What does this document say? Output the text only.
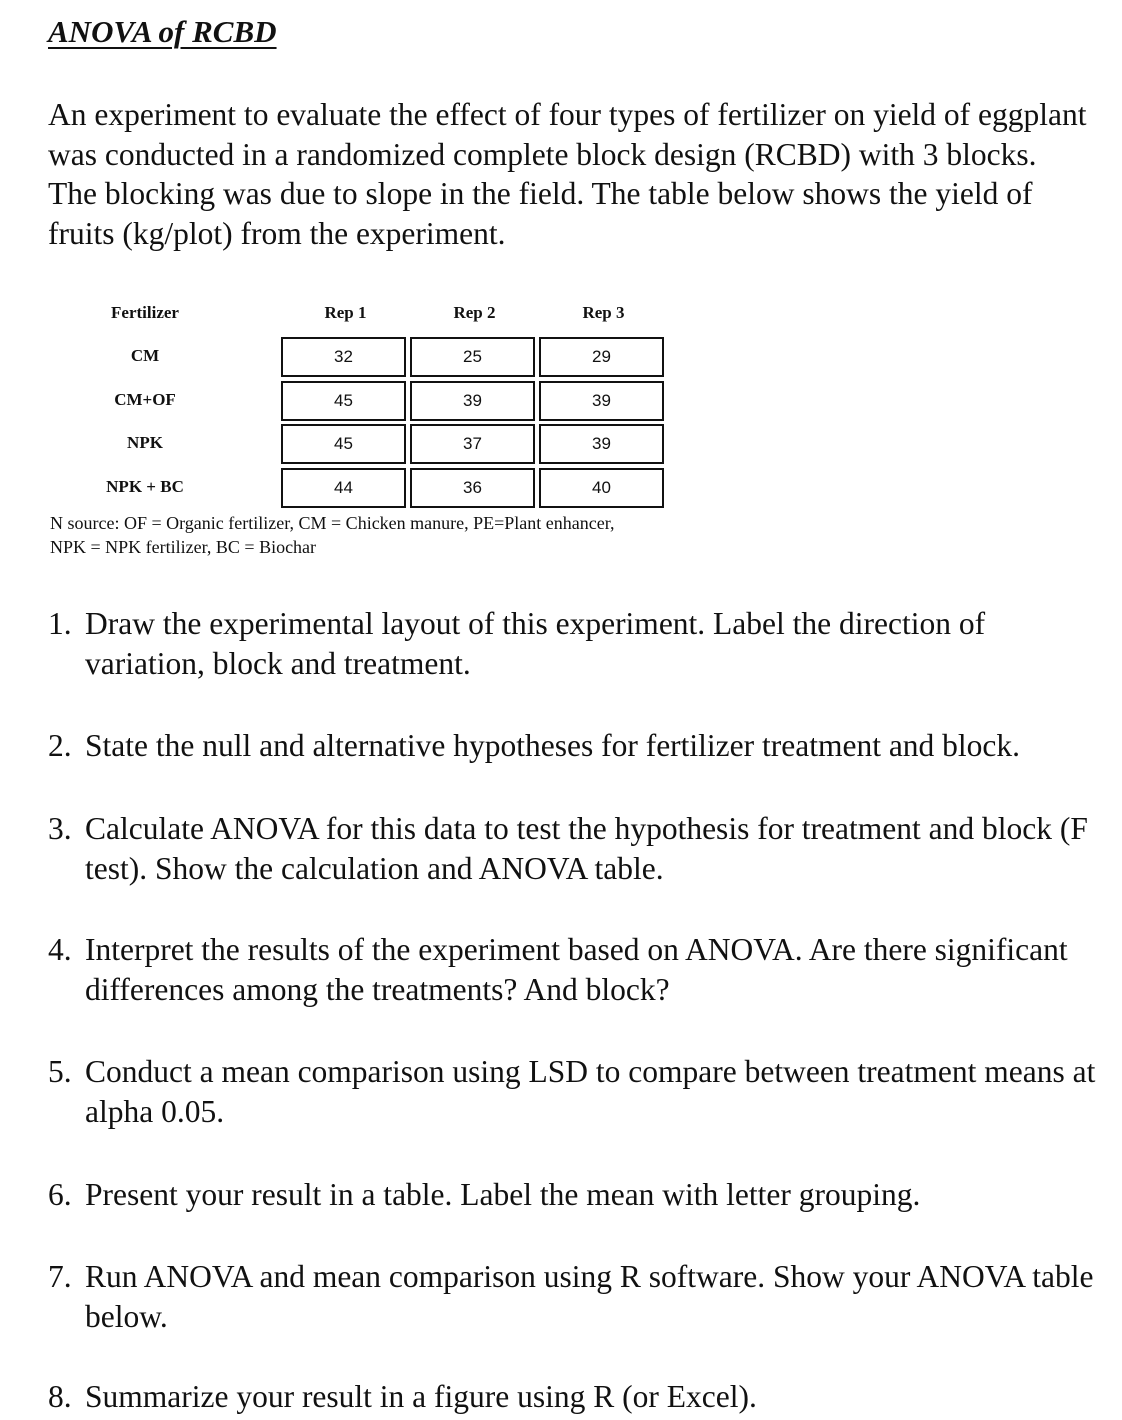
ANOVA of RCBD

An experiment to evaluate the effect of four types of fertilizer on yield of eggplant was conducted in a randomized complete block design (RCBD) with 3 blocks. The blocking was due to slope in the field. The table below shows the yield of fruits (kg/plot) from the experiment.

Fertilizer	Rep 1	Rep 2	Rep 3
CM	32	25	29
CM+OF	45	39	39
NPK	45	37	39
NPK + BC	44	36	40
N source: OF = Organic fertilizer, CM = Chicken manure, PE=Plant enhancer,
NPK = NPK fertilizer, BC = Biochar
1. Draw the experimental layout of this experiment. Label the direction of variation, block and treatment.
2. State the null and alternative hypotheses for fertilizer treatment and block.
3. Calculate ANOVA for this data to test the hypothesis for treatment and block (F test). Show the calculation and ANOVA table.
4. Interpret the results of the experiment based on ANOVA. Are there significant differences among the treatments? And block?
5. Conduct a mean comparison using LSD to compare between treatment means at alpha 0.05.
6. Present your result in a table. Label the mean with letter grouping.
7. Run ANOVA and mean comparison using R software. Show your ANOVA table below.
8. Summarize your result in a figure using R (or Excel).
